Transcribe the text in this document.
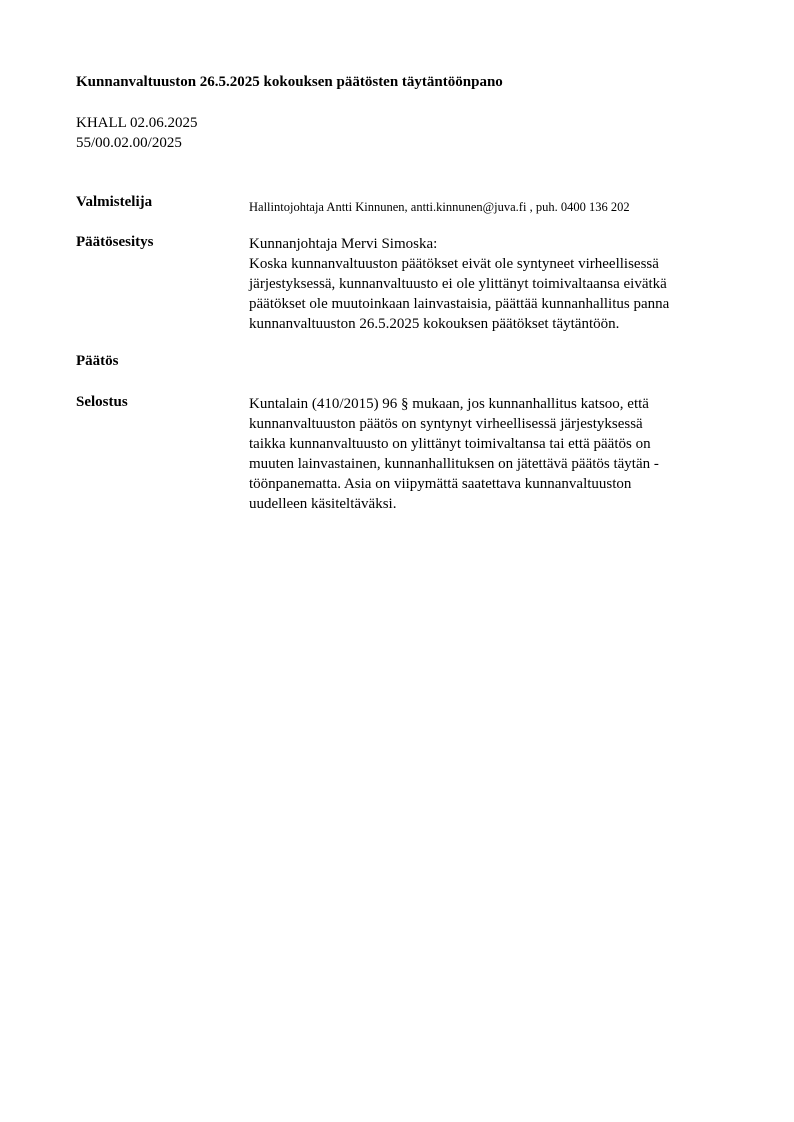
Kunnanvaltuuston 26.5.2025 kokouksen päätösten täytäntöönpano
KHALL 02.06.2025
55/00.02.00/2025
Valmistelija	Hallintojohtaja Antti Kinnunen, antti.kinnunen@juva.fi , puh. 0400 136 202
Päätösesitys	Kunnanjohtaja Mervi Simoska:
Koska kunnanvaltuuston päätökset eivät ole syntyneet virheellisessä
järjestyksessä, kunnanvaltuusto ei ole ylittänyt toimivaltaansa eivätkä
päätökset ole muutoinkaan lainvastaisia, päättää kunnanhallitus panna
kunnanvaltuuston 26.5.2025 kokouksen päätökset täytäntöön.
Päätös
Selostus	Kuntalain (410/2015) 96 § mukaan, jos kunnanhallitus katsoo, että
kunnanvaltuuston päätös on syntynyt virheellisessä järjestyksessä
taikka kunnanvaltuusto on ylittänyt toimivaltansa tai että päätös on
muuten lainvastainen, kunnanhallituksen on jätettävä päätös täytän -
töönpanematta. Asia on viipymättä saatettava kunnanvaltuuston
uudelleen käsiteltäväksi.
